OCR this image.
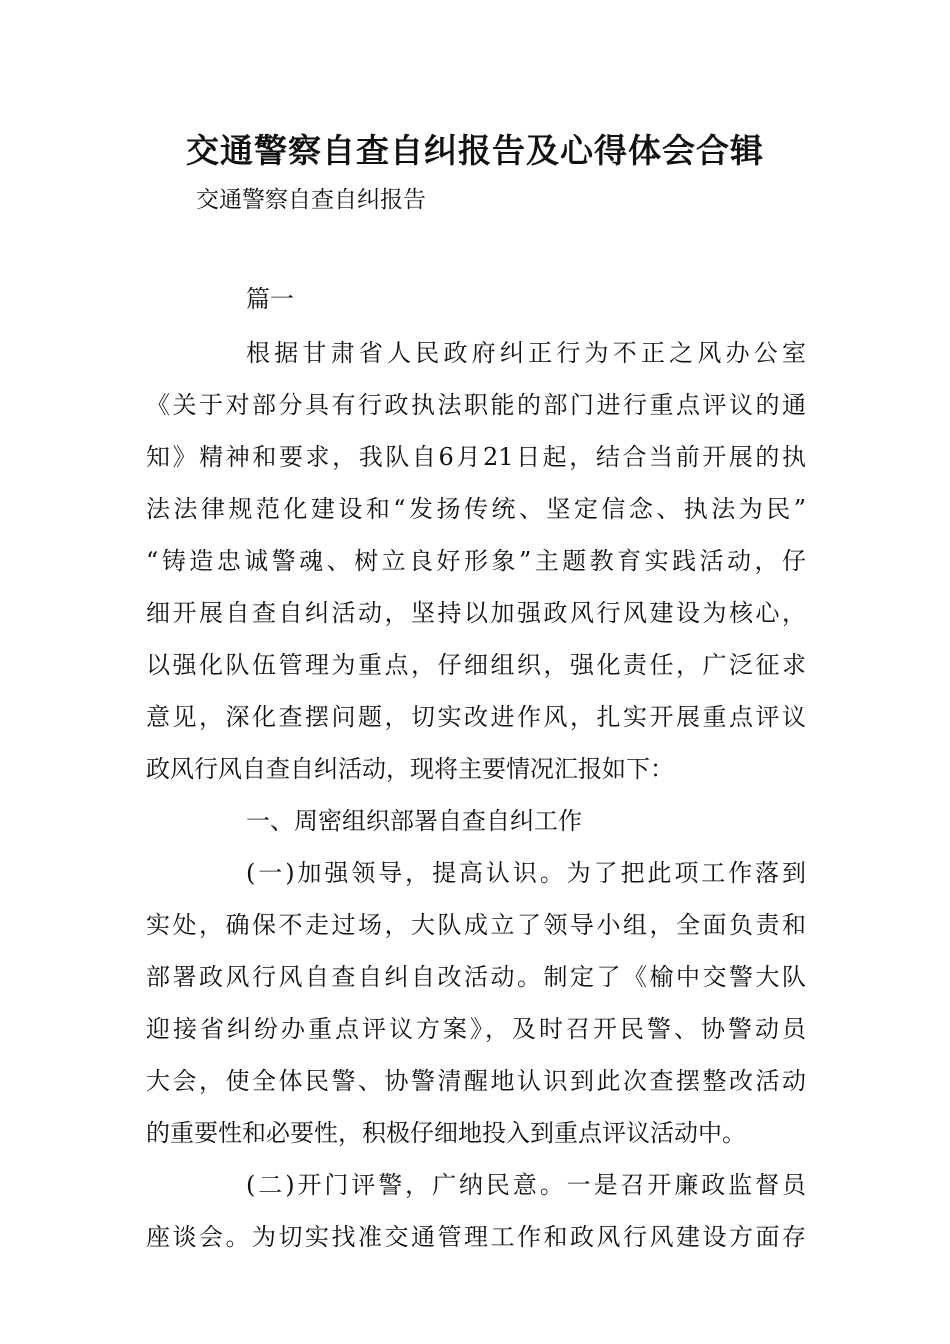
交通警察自查自纠报告及心得体会合辑

交通警察自查自纠报告

篇一

根据甘肃省人民政府纠正行为不正之风办公室
《关于对部分具有行政执法职能的部门进行重点评议的通
知》精神和要求，我队自6月21日起，结合当前开展的执
法法律规范化建设和“发扬传统、坚定信念、执法为民”
“铸造忠诚警魂、树立良好形象”主题教育实践活动，仔
细开展自查自纠活动，坚持以加强政风行风建设为核心，
以强化队伍管理为重点，仔细组织，强化责任，广泛征求
意见，深化查摆问题，切实改进作风，扎实开展重点评议
政风行风自查自纠活动，现将主要情况汇报如下：
一、周密组织部署自查自纠工作
(一)加强领导，提高认识。为了把此项工作落到
实处，确保不走过场，大队成立了领导小组，全面负责和
部署政风行风自查自纠自改活动。制定了《榆中交警大队
迎接省纠纷办重点评议方案》，及时召开民警、协警动员
大会，使全体民警、协警清醒地认识到此次查摆整改活动
的重要性和必要性，积极仔细地投入到重点评议活动中。
(二)开门评警，广纳民意。一是召开廉政监督员
座谈会。为切实找准交通管理工作和政风行风建设方面存
